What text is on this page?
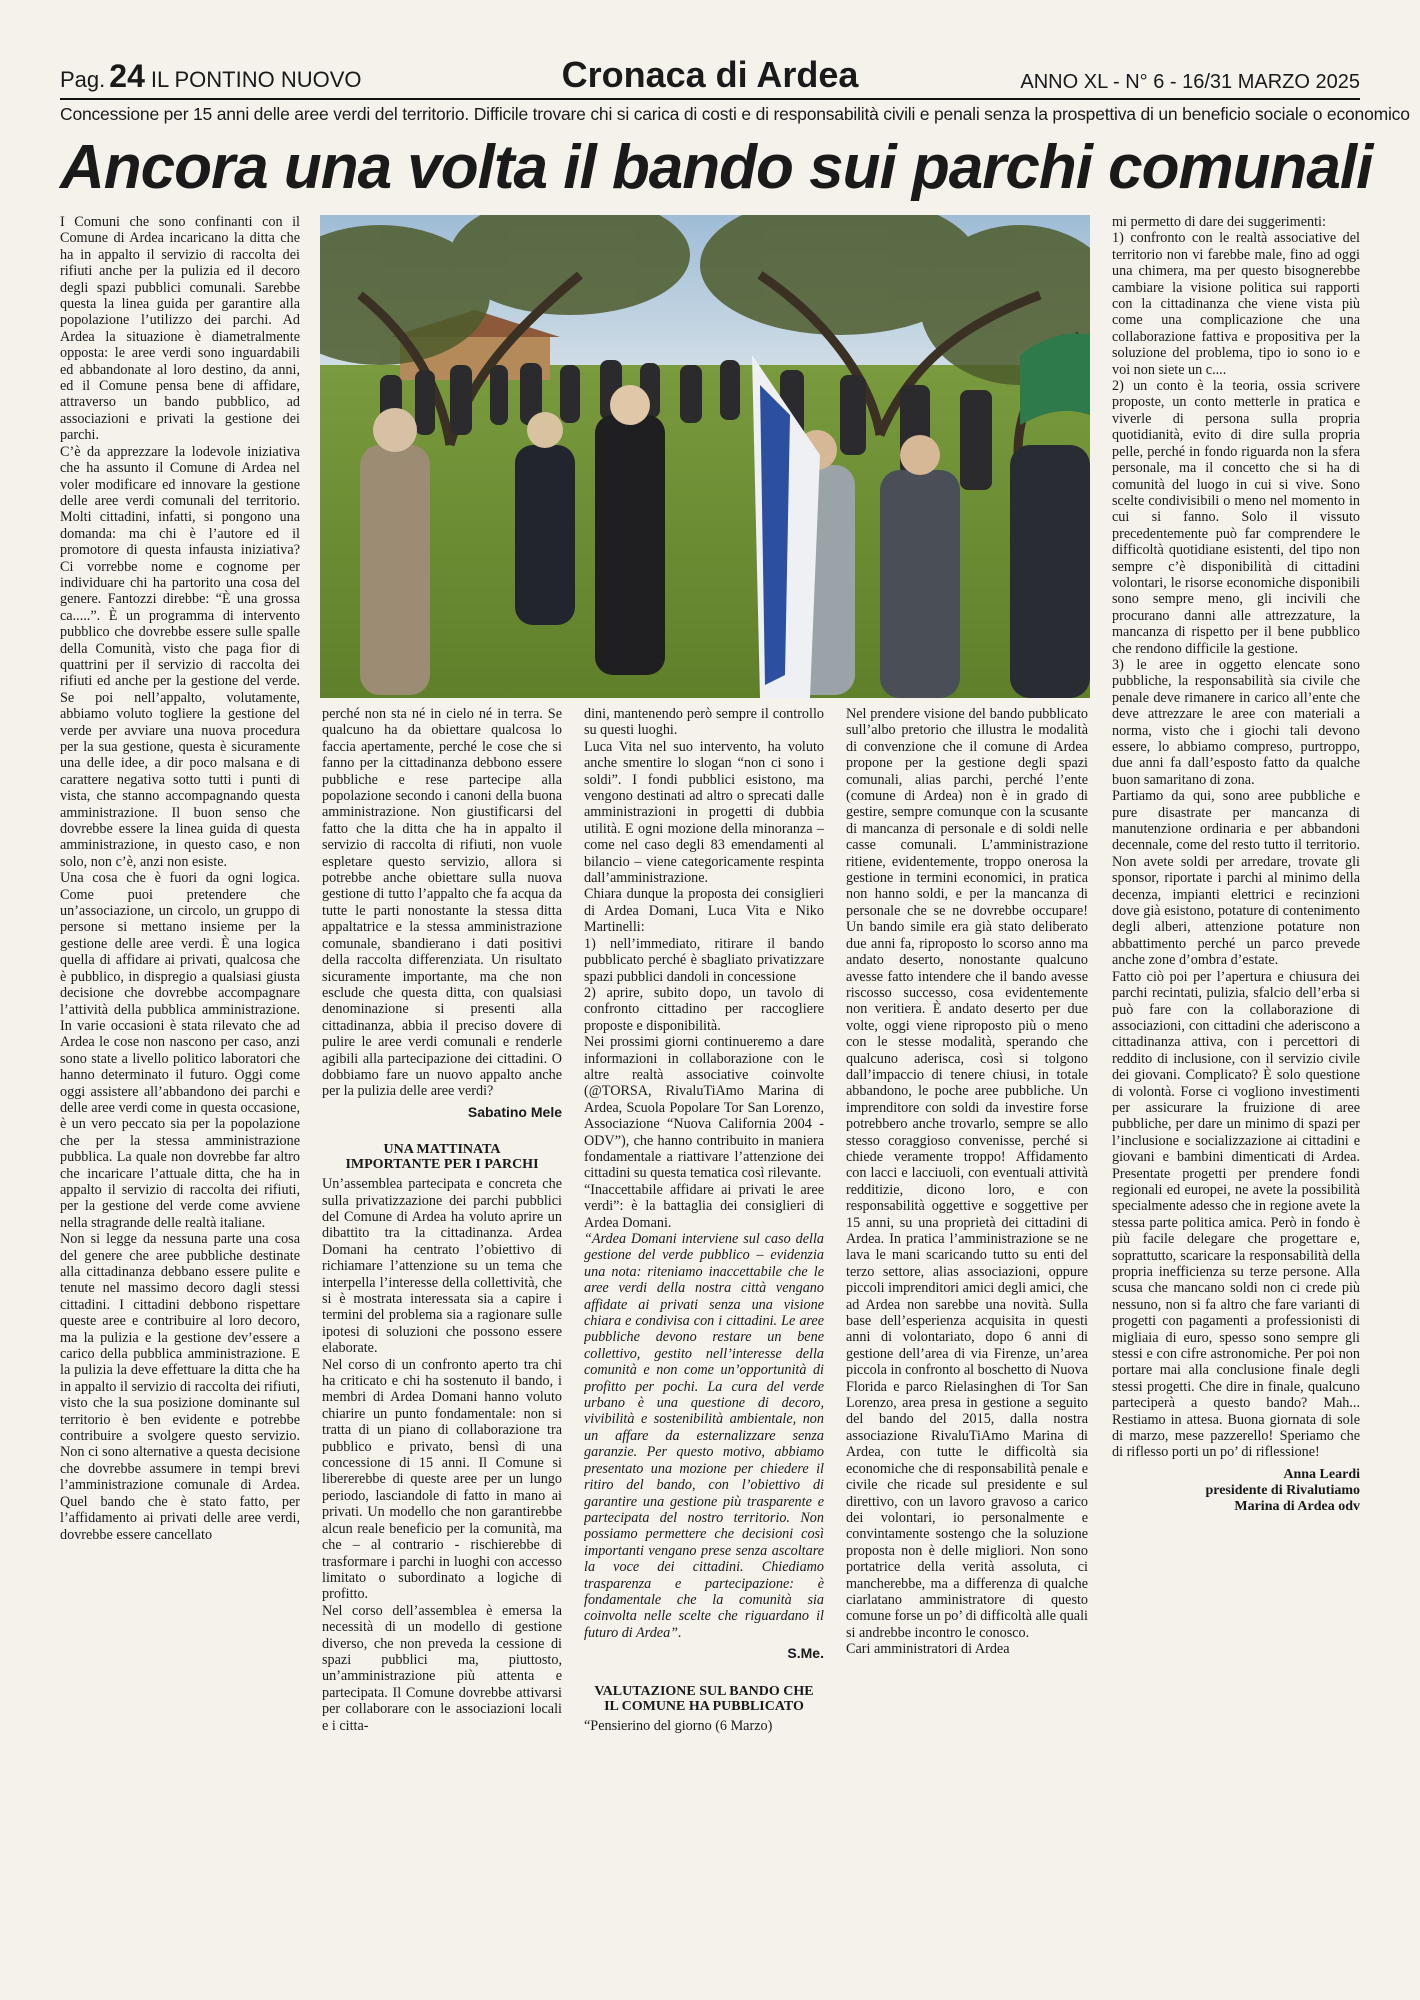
Pag. 24 IL PONTINO NUOVO	Cronaca di Ardea	ANNO XL - N° 6 - 16/31 MARZO 2025
Concessione per 15 anni delle aree verdi del territorio. Difficile trovare chi si carica di costi e di responsabilità civili e penali senza la prospettiva di un beneficio sociale o economico
Ancora una volta il bando sui parchi comunali

I Comuni che sono confinanti con il Comune di Ardea incaricano la ditta che ha in appalto il servizio di raccolta dei rifiuti anche per la pulizia ed il decoro degli spazi pubblici comunali. Sarebbe questa la linea guida per garantire alla popolazione l’utilizzo dei parchi. Ad Ardea la situazione è diametralmente opposta: le aree verdi sono inguardabili ed abbandonate al loro destino, da anni, ed il Comune pensa bene di affidare, attraverso un bando pubblico, ad associazioni e privati la gestione dei parchi.

C’è da apprezzare la lodevole iniziativa che ha assunto il Comune di Ardea nel voler modificare ed innovare la gestione delle aree verdi comunali del territorio. Molti cittadini, infatti, si pongono una domanda: ma chi è l’autore ed il promotore di questa infausta iniziativa? Ci vorrebbe nome e cognome per individuare chi ha partorito una cosa del genere. Fantozzi direbbe: “È una grossa ca.....”. È un programma di intervento pubblico che dovrebbe essere sulle spalle della Comunità, visto che paga fior di quattrini per il servizio di raccolta dei rifiuti ed anche per la gestione del verde. Se poi nell’appalto, volutamente, abbiamo voluto togliere la gestione del verde per avviare una nuova procedura per la sua gestione, questa è sicuramente una delle idee, a dir poco malsana e di carattere negativa sotto tutti i punti di vista, che stanno accompagnando questa amministrazione. Il buon senso che dovrebbe essere la linea guida di questa amministrazione, in questo caso, e non solo, non c’è, anzi non esiste.

Una cosa che è fuori da ogni logica. Come puoi pretendere che un’associazione, un circolo, un gruppo di persone si mettano insieme per la gestione delle aree verdi. È una logica quella di affidare ai privati, qualcosa che è pubblico, in dispregio a qualsiasi giusta decisione che dovrebbe accompagnare l’attività della pubblica amministrazione. In varie occasioni è stata rilevato che ad Ardea le cose non nascono per caso, anzi sono state a livello politico laboratori che hanno determinato il futuro. Oggi come oggi assistere all’abbandono dei parchi e delle aree verdi come in questa occasione, è un vero peccato sia per la popolazione che per la stessa amministrazione pubblica. La quale non dovrebbe far altro che incaricare l’attuale ditta, che ha in appalto il servizio di raccolta dei rifiuti, per la gestione del verde come avviene nella stragrande delle realtà italiane.

Non si legge da nessuna parte una cosa del genere che aree pubbliche destinate alla cittadinanza debbano essere pulite e tenute nel massimo decoro dagli stessi cittadini. I cittadini debbono rispettare queste aree e contribuire al loro decoro, ma la pulizia e la gestione dev’essere a carico della pubblica amministrazione. E la pulizia la deve effettuare la ditta che ha in appalto il servizio di raccolta dei rifiuti, visto che la sua posizione dominante sul territorio è ben evidente e potrebbe contribuire a svolgere questo servizio. Non ci sono alternative a questa decisione che dovrebbe assumere in tempi brevi l’amministrazione comunale di Ardea. Quel bando che è stato fatto, per l’affidamento ai privati delle aree verdi, dovrebbe essere cancellato

perché non sta né in cielo né in terra. Se qualcuno ha da obiettare qualcosa lo faccia apertamente, perché le cose che si fanno per la cittadinanza debbono essere pubbliche e rese partecipe alla popolazione secondo i canoni della buona amministrazione. Non giustificarsi del fatto che la ditta che ha in appalto il servizio di raccolta di rifiuti, non vuole espletare questo servizio, allora si potrebbe anche obiettare sulla nuova gestione di tutto l’appalto che fa acqua da tutte le parti nonostante la stessa ditta appaltatrice e la stessa amministrazione comunale, sbandierano i dati positivi della raccolta differenziata. Un risultato sicuramente importante, ma che non esclude che questa ditta, con qualsiasi denominazione si presenti alla cittadinanza, abbia il preciso dovere di pulire le aree verdi comunali e renderle agibili alla partecipazione dei cittadini. O dobbiamo fare un nuovo appalto anche per la pulizia delle aree verdi?

Sabatino Mele
UNA MATTINATA
IMPORTANTE PER I PARCHI

Un’assemblea partecipata e concreta che sulla privatizzazione dei parchi pubblici del Comune di Ardea ha voluto aprire un dibattito tra la cittadinanza. Ardea Domani ha centrato l’obiettivo di richiamare l’attenzione su un tema che interpella l’interesse della collettività, che si è mostrata interessata sia a capire i termini del problema sia a ragionare sulle ipotesi di soluzioni che possono essere elaborate.

Nel corso di un confronto aperto tra chi ha criticato e chi ha sostenuto il bando, i membri di Ardea Domani hanno voluto chiarire un punto fondamentale: non si tratta di un piano di collaborazione tra pubblico e privato, bensì di una concessione di 15 anni. Il Comune si libererebbe di queste aree per un lungo periodo, lasciandole di fatto in mano ai privati. Un modello che non garantirebbe alcun reale beneficio per la comunità, ma che – al contrario - rischierebbe di trasformare i parchi in luoghi con accesso limitato o subordinato a logiche di profitto.

Nel corso dell’assemblea è emersa la necessità di un modello di gestione diverso, che non preveda la cessione di spazi pubblici ma, piuttosto, un’amministrazione più attenta e partecipata. Il Comune dovrebbe attivarsi per collaborare con le associazioni locali e i citta-

dini, mantenendo però sempre il controllo su questi luoghi.

Luca Vita nel suo intervento, ha voluto anche smentire lo slogan “non ci sono i soldi”. I fondi pubblici esistono, ma vengono destinati ad altro o sprecati dalle amministrazioni in progetti di dubbia utilità. E ogni mozione della minoranza – come nel caso degli 83 emendamenti al bilancio – viene categoricamente respinta dall’amministrazione.

Chiara dunque la proposta dei consiglieri di Ardea Domani, Luca Vita e Niko Martinelli:

1) nell’immediato, ritirare il bando pubblicato perché è sbagliato privatizzare spazi pubblici dandoli in concessione

2) aprire, subito dopo, un tavolo di confronto cittadino per raccogliere proposte e disponibilità.

Nei prossimi giorni continueremo a dare informazioni in collaborazione con le altre realtà associative coinvolte (@TORSA, RivaluTiAmo Marina di Ardea, Scuola Popolare Tor San Lorenzo, Associazione “Nuova California 2004 - ODV”), che hanno contribuito in maniera fondamentale a riattivare l’attenzione dei cittadini su questa tematica così rilevante.

“Inaccettabile affidare ai privati le aree verdi”: è la battaglia dei consiglieri di Ardea Domani.

“Ardea Domani interviene sul caso della gestione del verde pubblico – evidenzia una nota: riteniamo inaccettabile che le aree verdi della nostra città vengano affidate ai privati senza una visione chiara e condivisa con i cittadini. Le aree pubbliche devono restare un bene collettivo, gestito nell’interesse della comunità e non come un’opportunità di profitto per pochi. La cura del verde urbano è una questione di decoro, vivibilità e sostenibilità ambientale, non un affare da esternalizzare senza garanzie. Per questo motivo, abbiamo presentato una mozione per chiedere il ritiro del bando, con l’obiettivo di garantire una gestione più trasparente e partecipata del nostro territorio. Non possiamo permettere che decisioni così importanti vengano prese senza ascoltare la voce dei cittadini. Chiediamo trasparenza e partecipazione: è fondamentale che la comunità sia coinvolta nelle scelte che riguardano il futuro di Ardea”.

S.Me.
VALUTAZIONE SUL BANDO CHE
IL COMUNE HA PUBBLICATO

“Pensierino del giorno (6 Marzo)

Nel prendere visione del bando pubblicato sull’albo pretorio che illustra le modalità di convenzione che il comune di Ardea propone per la gestione degli spazi comunali, alias parchi, perché l’ente (comune di Ardea) non è in grado di gestire, sempre comunque con la scusante di mancanza di personale e di soldi nelle casse comunali. L’amministrazione ritiene, evidentemente, troppo onerosa la gestione in termini economici, in pratica non hanno soldi, e per la mancanza di personale che se ne dovrebbe occupare! Un bando simile era già stato deliberato due anni fa, riproposto lo scorso anno ma andato deserto, nonostante qualcuno avesse fatto intendere che il bando avesse riscosso successo, cosa evidentemente non veritiera. È andato deserto per due volte, oggi viene riproposto più o meno con le stesse modalità, sperando che qualcuno aderisca, così si tolgono dall’impaccio di tenere chiusi, in totale abbandono, le poche aree pubbliche. Un imprenditore con soldi da investire forse potrebbero anche trovarlo, sempre se allo stesso coraggioso convenisse, perché si chiede veramente troppo! Affidamento con lacci e lacciuoli, con eventuali attività redditizie, dicono loro, e con responsabilità oggettive e soggettive per 15 anni, su una proprietà dei cittadini di Ardea. In pratica l’amministrazione se ne lava le mani scaricando tutto su enti del terzo settore, alias associazioni, oppure piccoli imprenditori amici degli amici, che ad Ardea non sarebbe una novità. Sulla base dell’esperienza acquisita in questi anni di volontariato, dopo 6 anni di gestione dell’area di via Firenze, un’area piccola in confronto al boschetto di Nuova Florida e parco Rielasinghen di Tor San Lorenzo, area presa in gestione a seguito del bando del 2015, dalla nostra associazione RivaluTiAmo Marina di Ardea, con tutte le difficoltà sia economiche che di responsabilità penale e civile che ricade sul presidente e sul direttivo, con un lavoro gravoso a carico dei volontari, io personalmente e convintamente sostengo che la soluzione proposta non è delle migliori. Non sono portatrice della verità assoluta, ci mancherebbe, ma a differenza di qualche ciarlatano amministratore di questo comune forse un po’ di difficoltà alle quali si andrebbe incontro le conosco.

Cari amministratori di Ardea

mi permetto di dare dei suggerimenti:

1) confronto con le realtà associative del territorio non vi farebbe male, fino ad oggi una chimera, ma per questo bisognerebbe cambiare la visione politica sui rapporti con la cittadinanza che viene vista più come una complicazione che una collaborazione fattiva e propositiva per la soluzione del problema, tipo io sono io e voi non siete un c....

2) un conto è la teoria, ossia scrivere proposte, un conto metterle in pratica e viverle di persona sulla propria quotidianità, evito di dire sulla propria pelle, perché in fondo riguarda non la sfera personale, ma il concetto che si ha di comunità del luogo in cui si vive. Sono scelte condivisibili o meno nel momento in cui si fanno. Solo il vissuto precedentemente può far comprendere le difficoltà quotidiane esistenti, del tipo non sempre c’è disponibilità di cittadini volontari, le risorse economiche disponibili sono sempre meno, gli incivili che procurano danni alle attrezzature, la mancanza di rispetto per il bene pubblico che rendono difficile la gestione.

3) le aree in oggetto elencate sono pubbliche, la responsabilità sia civile che penale deve rimanere in carico all’ente che deve attrezzare le aree con materiali a norma, visto che i giochi tali devono essere, lo abbiamo compreso, purtroppo, due anni fa dall’esposto fatto da qualche buon samaritano di zona.

Partiamo da qui, sono aree pubbliche e pure disastrate per mancanza di manutenzione ordinaria e per abbandoni decennale, come del resto tutto il territorio. Non avete soldi per arredare, trovate gli sponsor, riportate i parchi al minimo della decenza, impianti elettrici e recinzioni dove già esistono, potature di contenimento degli alberi, attenzione potature non abbattimento perché un parco prevede anche zone d’ombra d’estate.

Fatto ciò poi per l’apertura e chiusura dei parchi recintati, pulizia, sfalcio dell’erba si può fare con la collaborazione di associazioni, con cittadini che aderiscono a cittadinanza attiva, con i percettori di reddito di inclusione, con il servizio civile dei giovani. Complicato? È solo questione di volontà. Forse ci vogliono investimenti per assicurare la fruizione di aree pubbliche, per dare un minimo di spazi per l’inclusione e socializzazione ai cittadini e giovani e bambini dimenticati di Ardea. Presentate progetti per prendere fondi regionali ed europei, ne avete la possibilità specialmente adesso che in regione avete la stessa parte politica amica. Però in fondo è più facile delegare che progettare e, soprattutto, scaricare la responsabilità della propria inefficienza su terze persone. Alla scusa che mancano soldi non ci crede più nessuno, non si fa altro che fare varianti di progetti con pagamenti a professionisti di migliaia di euro, spesso sono sempre gli stessi e con cifre astronomiche. Per poi non portare mai alla conclusione finale degli stessi progetti. Che dire in finale, qualcuno parteciperà a questo bando? Mah... Restiamo in attesa. Buona giornata di sole di marzo, mese pazzerello! Speriamo che di riflesso porti un po’ di riflessione!

Anna Leardi
presidente di Rivalutiamo
Marina di Ardea odv
